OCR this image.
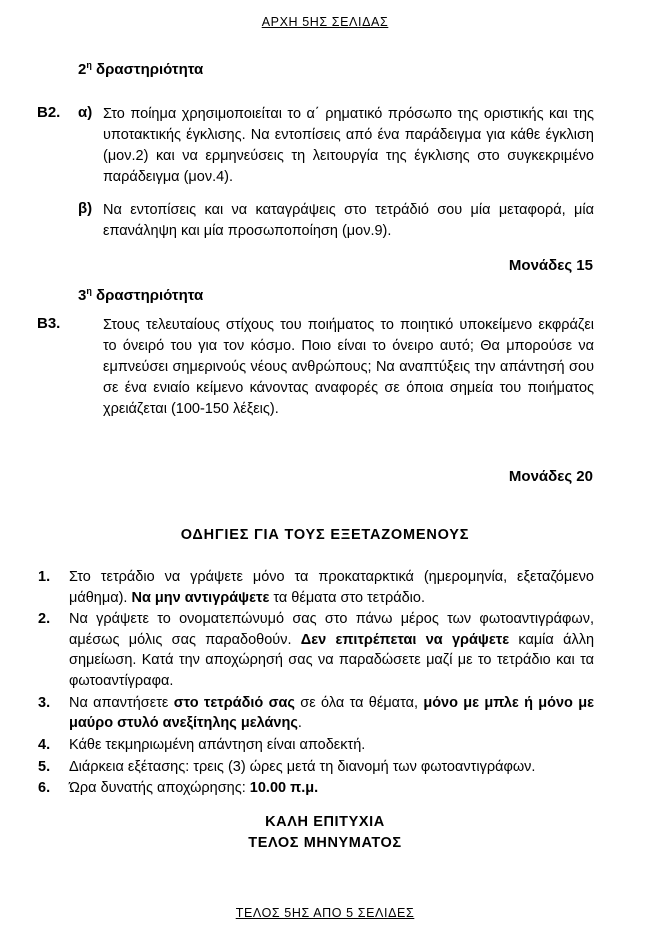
ΑΡΧΗ 5ΗΣ ΣΕΛΙΔΑΣ
$2^\eta$ δραστηριότητα
Β2. α) Στο ποίημα χρησιμοποιείται το α΄ ρηματικό πρόσωπο της οριστικής και της υποτακτικής έγκλισης. Να εντοπίσεις από ένα παράδειγμα για κάθε έγκλιση (μον.2) και να ερμηνεύσεις τη λειτουργία της έγκλισης στο συγκεκριμένο παράδειγμα (μον.4).
β) Να εντοπίσεις και να καταγράψεις στο τετράδιό σου μία μεταφορά, μία επανάληψη και μία προσωποποίηση (μον.9).
Μονάδες 15
$3^\eta$ δραστηριότητα
Β3.	Στους τελευταίους στίχους του ποιήματος το ποιητικό υποκείμενο εκφράζει το όνειρό του για τον κόσμο. Ποιο είναι το όνειρο αυτό; Θα μπορούσε να εμπνεύσει σημερινούς νέους ανθρώπους; Να αναπτύξεις την απάντησή σου σε ένα ενιαίο κείμενο κάνοντας αναφορές σε όποια σημεία του ποιήματος χρειάζεται (100-150 λέξεις).
Μονάδες 20
ΟΔΗΓΙΕΣ ΓΙΑ ΤΟΥΣ ΕΞΕΤΑΖΟΜΕΝΟΥΣ
1. Στο τετράδιο να γράψετε μόνο τα προκαταρκτικά (ημερομηνία, εξεταζόμενο μάθημα). Να μην αντιγράψετε τα θέματα στο τετράδιο.
2. Να γράψετε το ονοματεπώνυμό σας στο πάνω μέρος των φωτοαντιγράφων, αμέσως μόλις σας παραδοθούν. Δεν επιτρέπεται να γράψετε καμία άλλη σημείωση. Κατά την αποχώρησή σας να παραδώσετε μαζί με το τετράδιο και τα φωτοαντίγραφα.
3. Να απαντήσετε στο τετράδιό σας σε όλα τα θέματα, μόνο με μπλε ή μόνο με μαύρο στυλό ανεξίτηλης μελάνης.
4. Κάθε τεκμηριωμένη απάντηση είναι αποδεκτή.
5. Διάρκεια εξέτασης: τρεις (3) ώρες μετά τη διανομή των φωτοαντιγράφων.
6. Ώρα δυνατής αποχώρησης: 10.00 π.μ.
ΚΑΛΗ ΕΠΙΤΥΧΙΑ
ΤΕΛΟΣ ΜΗΝΥΜΑΤΟΣ
ΤΕΛΟΣ 5ΗΣ ΑΠΟ 5 ΣΕΛΙΔΕΣ
